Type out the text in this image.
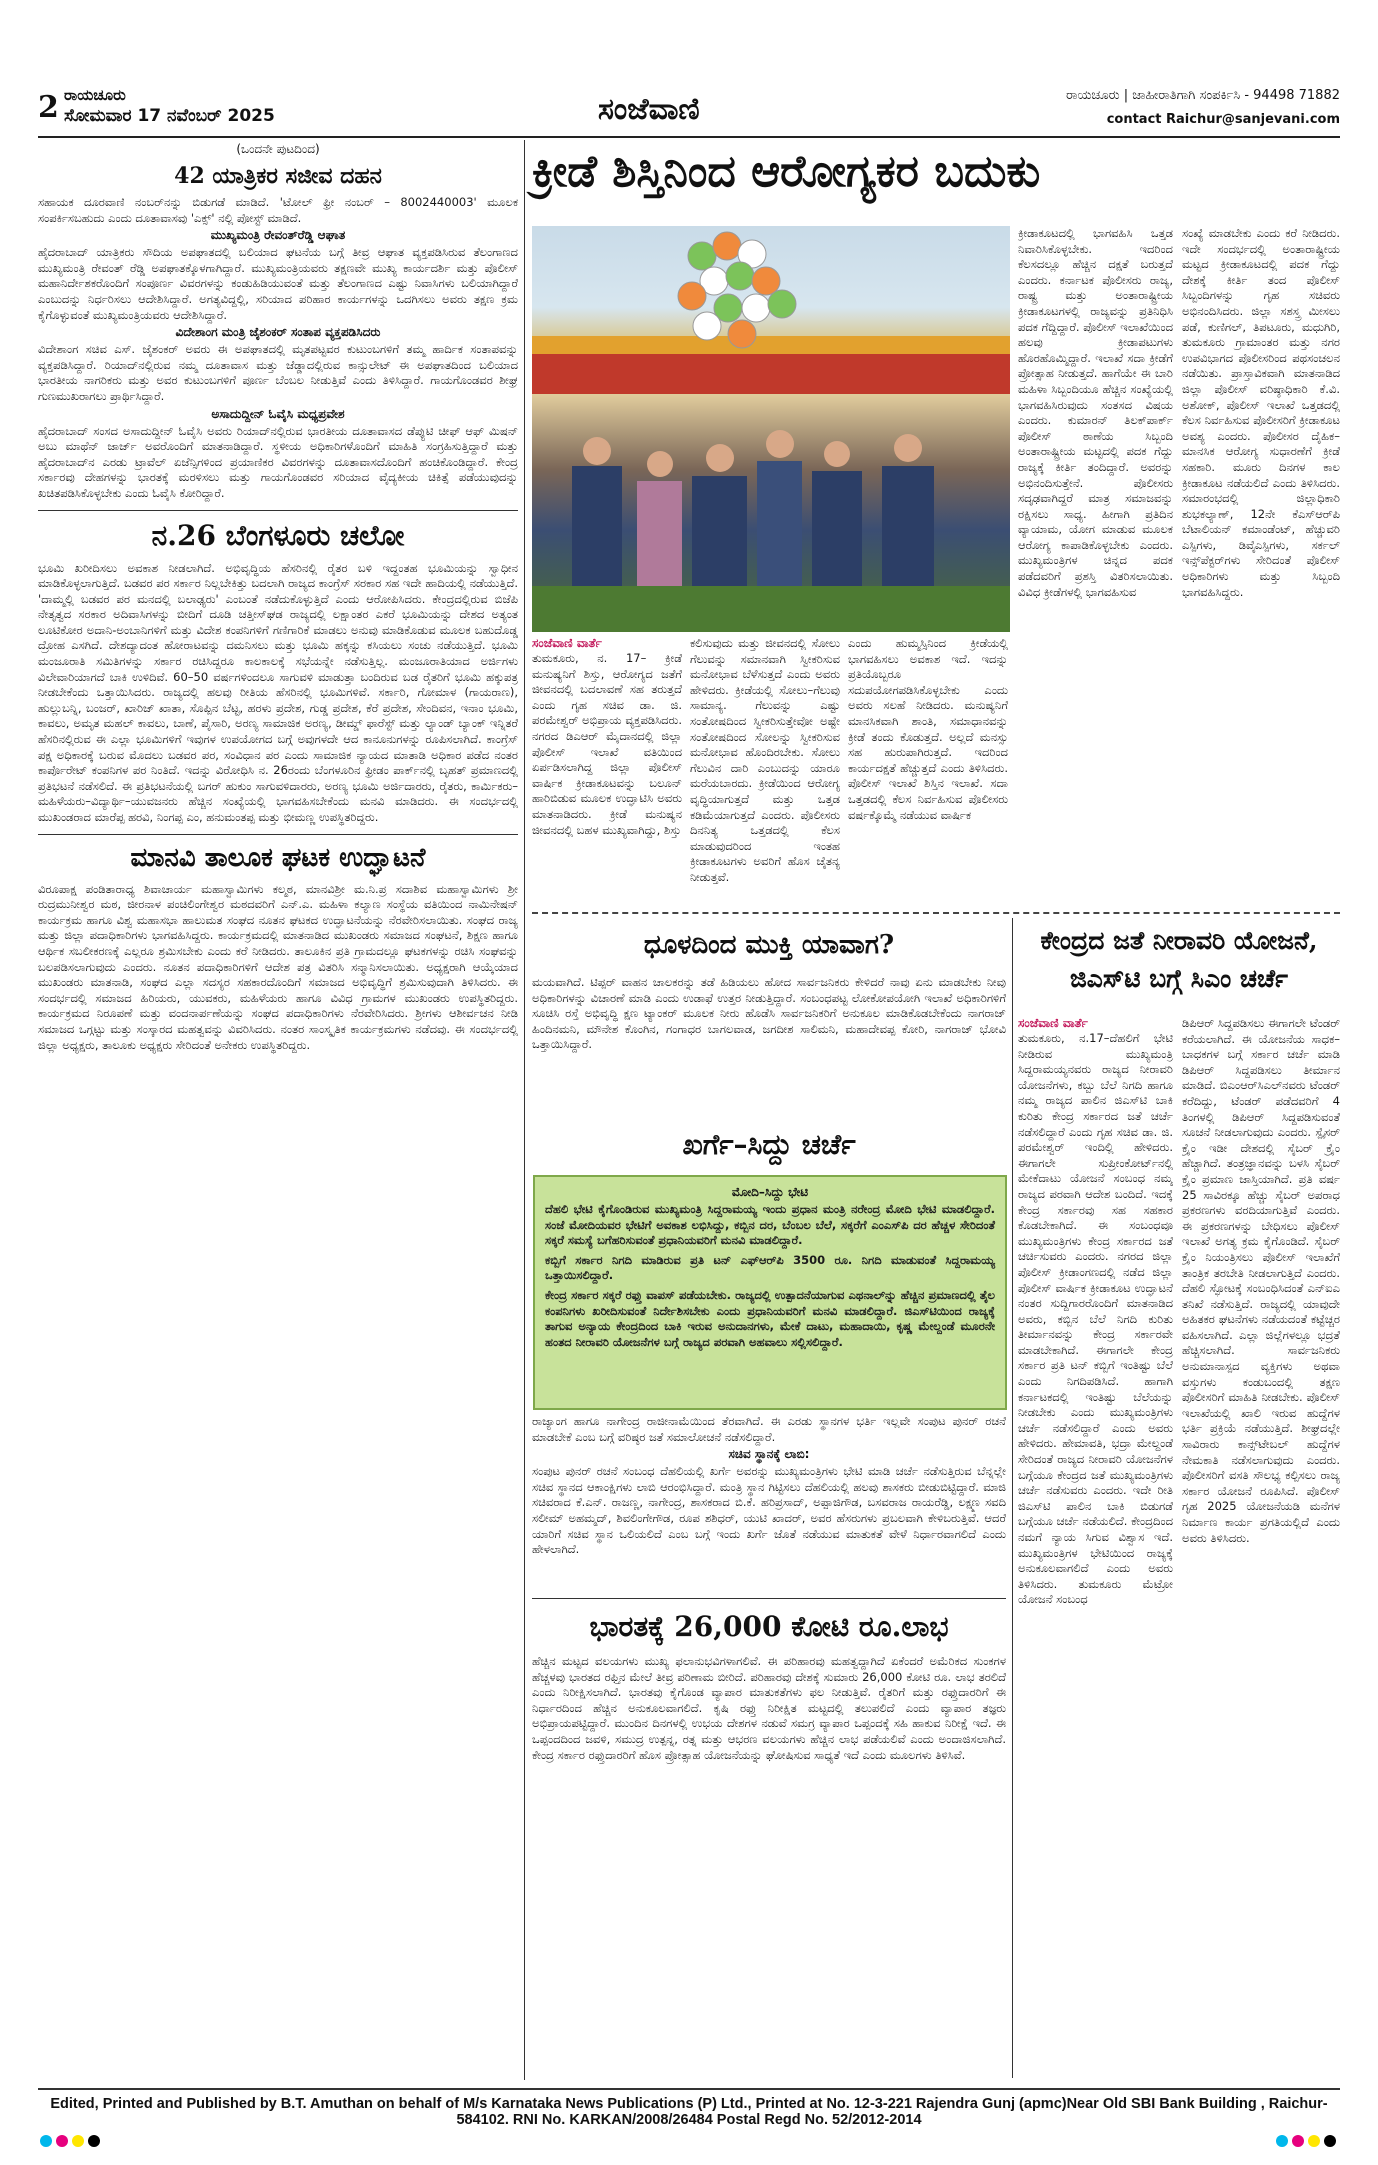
2 ರಾಯಚೂರು
ಸೋಮವಾರ 17 ನವೆಂಬರ್ 2025	ಸಂಜೆವಾಣಿ	ರಾಯಚೂರು | ಜಾಹೀರಾತಿಗಾಗಿ ಸಂಪರ್ಕಿಸಿ - 94498 71882
contact Raichur@sanjevani.com
(ಒಂದನೇ ಪುಟದಿಂದ)
42 ಯಾತ್ರಿಕರ ಸಜೀವ ದಹನ
ಸಹಾಯಕ ದೂರವಾಣಿ ನಂಬರ್‌ನನ್ನು ಬಿಡುಗಡೆ ಮಾಡಿದೆ. 'ಟೋಲ್ ಫ್ರೀ ನಂಬರ್ – 8002440003' ಮೂಲಕ ಸಂಪರ್ಕಿಸಬಹುದು ಎಂದು ದೂತಾವಾಸವು 'ಎಕ್ಸ್' ನಲ್ಲಿ ಪೋಸ್ಟ್ ಮಾಡಿದೆ.
ಮುಖ್ಯಮಂತ್ರಿ ರೇವಂತ್‌ರೆಡ್ಡಿ ಆಘಾತ
ಹೈದರಾಬಾದ್ ಯಾತ್ರಿಕರು ಸೌದಿಯ ಅಪಘಾತದಲ್ಲಿ ಬಲಿಯಾದ ಘಟನೆಯ ಬಗ್ಗೆ ತೀವ್ರ ಆಘಾತ ವ್ಯಕ್ತಪಡಿಸಿರುವ ತೆಲಂಗಾಣದ ಮುಖ್ಯಮಂತ್ರಿ ರೇವಂತ್ ರೆಡ್ಡಿ ಅಪಘಾತಕ್ಕೊಳಗಾಗಿದ್ದಾರೆ. ಮುಖ್ಯಮಂತ್ರಿಯವರು ತಕ್ಷಣವೇ ಮುಖ್ಯ ಕಾರ್ಯದರ್ಶಿ ಮತ್ತು ಪೊಲೀಸ್ ಮಹಾನಿರ್ದೇಶಕರೊಂದಿಗೆ ಸಂಪೂರ್ಣ ವಿವರಗಳನ್ನು ಕಂಡುಹಿಡಿಯುವಂತೆ ಮತ್ತು ತೆಲಂಗಾಣದ ಎಷ್ಟು ನಿವಾಸಿಗಳು ಬಲಿಯಾಗಿದ್ದಾರೆ ಎಂಬುದನ್ನು ನಿರ್ಧರಿಸಲು ಆದೇಶಿಸಿದ್ದಾರೆ. ಅಗತ್ಯವಿದ್ದಲ್ಲಿ, ಸರಿಯಾದ ಪರಿಹಾರ ಕಾರ್ಯಗಳನ್ನು ಒದಗಿಸಲು ಅವರು ತಕ್ಷಣ ಕ್ರಮ ಕೈಗೊಳ್ಳುವಂತೆ ಮುಖ್ಯಮಂತ್ರಿಯವರು ಆದೇಶಿಸಿದ್ದಾರೆ.
ವಿದೇಶಾಂಗ ಮಂತ್ರಿ ಜೈಶಂಕರ್ ಸಂತಾಪ ವ್ಯಕ್ತಪಡಿಸಿದರು
ವಿದೇಶಾಂಗ ಸಚಿವ ಎಸ್. ಜೈಶಂಕರ್ ಅವರು ಈ ಅಪಘಾತದಲ್ಲಿ ಮೃತಪಟ್ಟವರ ಕುಟುಂಬಗಳಿಗೆ ತಮ್ಮ ಹಾರ್ದಿಕ ಸಂತಾಪವನ್ನು ವ್ಯಕ್ತಪಡಿಸಿದ್ದಾರೆ. ರಿಯಾದ್‌ನಲ್ಲಿರುವ ನಮ್ಮ ದೂತಾವಾಸ ಮತ್ತು ಜೆಡ್ಡಾದಲ್ಲಿರುವ ಕಾನ್ಸುಲೇಟ್ ಈ ಅಪಘಾತದಿಂದ ಬಲಿಯಾದ ಭಾರತೀಯ ನಾಗರಿಕರು ಮತ್ತು ಅವರ ಕುಟುಂಬಗಳಿಗೆ ಪೂರ್ಣ ಬೆಂಬಲ ನೀಡುತ್ತಿವೆ ಎಂದು ತಿಳಿಸಿದ್ದಾರೆ. ಗಾಯಗೊಂಡವರ ಶೀಘ್ರ ಗುಣಮುಖರಾಗಲು ಪ್ರಾರ್ಥಿಸಿದ್ದಾರೆ.
ಅಸಾದುದ್ದೀನ್ ಓವೈಸಿ ಮಧ್ಯಪ್ರವೇಶ
ಹೈದರಾಬಾದ್ ಸಂಸದ ಅಸಾದುದ್ದೀನ್ ಓವೈಸಿ ಅವರು ರಿಯಾದ್‌ನಲ್ಲಿರುವ ಭಾರತೀಯ ದೂತಾವಾಸದ ಡೆಪ್ಯುಟಿ ಚೀಫ್ ಆಫ್ ಮಿಷನ್ ಅಬು ಮಾಥೆನ್ ಜಾರ್ಜ್ ಅವರೊಂದಿಗೆ ಮಾತನಾಡಿದ್ದಾರೆ. ಸ್ಥಳೀಯ ಅಧಿಕಾರಿಗಳೊಂದಿಗೆ ಮಾಹಿತಿ ಸಂಗ್ರಹಿಸುತ್ತಿದ್ದಾರೆ ಮತ್ತು ಹೈದರಾಬಾದ್‌ನ ಎರಡು ಟ್ರಾವೆಲ್ ಏಜೆನ್ಸಿಗಳಿಂದ ಪ್ರಯಾಣಿಕರ ವಿವರಗಳನ್ನು ದೂತಾವಾಸದೊಂದಿಗೆ ಹಂಚಿಕೊಂಡಿದ್ದಾರೆ. ಕೇಂದ್ರ ಸರ್ಕಾರವು ದೇಹಗಳನ್ನು ಭಾರತಕ್ಕೆ ಮರಳಿಸಲು ಮತ್ತು ಗಾಯಗೊಂಡವರ ಸರಿಯಾದ ವೈದ್ಯಕೀಯ ಚಿಕಿತ್ಸೆ ಪಡೆಯುವುದನ್ನು ಖಚಿತಪಡಿಸಿಕೊಳ್ಳಬೇಕು ಎಂದು ಓವೈಸಿ ಕೋರಿದ್ದಾರೆ.
ನ.26 ಬೆಂಗಳೂರು ಚಲೋ
ಭೂಮಿ ಖರೀದಿಸಲು ಅವಕಾಶ ನೀಡಲಾಗಿದೆ. ಅಭಿವೃದ್ಧಿಯ ಹೆಸರಿನಲ್ಲಿ ರೈತರ ಬಳಿ ಇದ್ದಂತಹ ಭೂಮಿಯನ್ನು ಸ್ವಾಧೀನ ಮಾಡಿಕೊಳ್ಳಲಾಗುತ್ತಿದೆ. ಬಡವರ ಪರ ಸರ್ಕಾರ ನಿಲ್ಲಬೇಕಿತ್ತು ಬದಲಾಗಿ ರಾಜ್ಯದ ಕಾಂಗ್ರೆಸ್ ಸರಕಾರ ಸಹ ಇದೇ ಹಾದಿಯಲ್ಲಿ ನಡೆಯುತ್ತಿದೆ. 'ದಾಮ್ಮಲ್ಲಿ ಬಡವರ ಪರ ಮನದಲ್ಲಿ ಬಲಾಢ್ಯರು' ಎಂಬಂತೆ ನಡೆದುಕೊಳ್ಳುತ್ತಿದೆ ಎಂದು ಆರೋಪಿಸಿದರು. ಕೇಂದ್ರದಲ್ಲಿರುವ ಬಿಜೆಪಿ ನೇತೃತ್ವದ ಸರಕಾರ ಅದಿವಾಸಿಗಳನ್ನು ಬೀದಿಗೆ ದೂಡಿ ಚತ್ತೀಸ್‌ಘಡ ರಾಜ್ಯದಲ್ಲಿ ಲಕ್ಷಾಂತರ ಎಕರೆ ಭೂಮಿಯನ್ನು ದೇಶದ ಅತ್ಯಂತ ಲೂಟಿಕೋರ ಅದಾನಿ-ಅಂಬಾನಿಗಳಿಗೆ ಮತ್ತು ವಿದೇಶ ಕಂಪನಿಗಳಿಗೆ ಗಣಿಗಾರಿಕೆ ಮಾಡಲು ಅನುವು ಮಾಡಿಕೊಡುವ ಮೂಲಕ ಬಹುದೊಡ್ಡ ದ್ರೋಹ ಎಸಗಿದೆ. ದೇಶದ್ಯಾದಂತ ಹೋರಾಟವನ್ನು ದಮನಿಸಲು ಮತ್ತು ಭೂಮಿ ಹಕ್ಕನ್ನು ಕಸಿಯಲು ಸಂಚು ನಡೆಯುತ್ತಿದೆ. ಭೂಮಿ ಮಂಜೂರಾತಿ ಸಮಿತಿಗಳನ್ನು ಸರ್ಕಾರ ರಚಿಸಿದ್ದರೂ ಕಾಲಕಾಲಕ್ಕೆ ಸಭೆಯನ್ನೇ ನಡೆಸುತ್ತಿಲ್ಲ. ಮಂಜೂರಾತಿಯಾದ ಅರ್ಜಿಗಳು ವಿಲೇವಾರಿಯಾಗದೆ ಬಾಕಿ ಉಳಿದಿವೆ. 60–50 ವರ್ಷಗಳಿಂದಲೂ ಸಾಗುವಳಿ ಮಾಡುತ್ತಾ ಬಂದಿರುವ ಬಡ ರೈತರಿಗೆ ಭೂಮಿ ಹಕ್ಕುಪತ್ರ ನೀಡಬೇಕೆಂದು ಒತ್ತಾಯಿಸಿದರು. ರಾಜ್ಯದಲ್ಲಿ ಹಲವು ರೀತಿಯ ಹೆಸರಿನಲ್ಲಿ ಭೂಮಿಗಳಿವೆ. ಸರ್ಕಾರಿ, ಗೋಮಾಳ (ಗಾಯರಾಣ), ಹುಲ್ಲುಬನ್ನಿ, ಬಂಜರ್, ಖಾರಿಜ್ ಖಾತಾ, ಸೊಪ್ಪಿನ ಬೆಟ್ಟ, ಹರಳು ಪ್ರದೇಶ, ಗುಡ್ಡ ಪ್ರದೇಶ, ಕೆರೆ ಪ್ರದೇಶ, ಸೇಂದಿವನ, ಇನಾಂ ಭೂಮಿ, ಕಾವಲು, ಅಮೃತ ಮಹಲ್ ಕಾವಲು, ಬಾಣೆ, ಪೈಸಾರಿ, ಅರಣ್ಯ ಸಾಮಾಜಿಕ ಅರಣ್ಯ, ಡೀಮ್ಡ್ ಫಾರೆಸ್ಟ್ ಮತ್ತು ಲ್ಯಾಂಡ್ ಬ್ಯಾಂಕ್ ಇನ್ನಿತರೆ ಹೆಸರಿನಲ್ಲಿರುವ ಈ ಎಲ್ಲಾ ಭೂಮಿಗಳಿಗೆ ಇವುಗಳ ಉಪಯೋಗದ ಬಗ್ಗೆ ಅವುಗಳದೇ ಆದ ಕಾನೂನುಗಳನ್ನು ರೂಪಿಸಲಾಗಿದೆ. ಕಾಂಗ್ರೆಸ್ ಪಕ್ಷ ಅಧಿಕಾರಕ್ಕೆ ಬರುವ ಮೊದಲು ಬಡವರ ಪರ, ಸಂವಿಧಾನ ಪರ ಎಂದು ಸಾಮಾಜಿಕ ನ್ಯಾಯದ ಮಾತಾಡಿ ಅಧಿಕಾರ ಪಡೆದ ನಂತರ ಕಾರ್ಪೊರೇಟ್ ಕಂಪನಿಗಳ ಪರ ನಿಂತಿದೆ. ಇದನ್ನು ವಿರೋಧಿಸಿ ನ. 26ರಂದು ಬೆಂಗಳೂರಿನ ಫ್ರೀಡಂ ಪಾರ್ಕ್‌ನಲ್ಲಿ ಬೃಹತ್ ಪ್ರಮಾಣದಲ್ಲಿ ಪ್ರತಿಭಟನೆ ನಡೆಸಲಿದೆ. ಈ ಪ್ರತಿಭಟನೆಯಲ್ಲಿ ಬಗರ್ ಹುಕುಂ ಸಾಗುವಳಿದಾರರು, ಅರಣ್ಯ ಭೂಮಿ ಅರ್ಜಿದಾರರು, ರೈತರು, ಕಾರ್ಮಿಕರು–ಮಹಿಳೆಯರು–ವಿದ್ಯಾರ್ಥಿ–ಯುವಜನರು ಹೆಚ್ಚಿನ ಸಂಖ್ಯೆಯಲ್ಲಿ ಭಾಗವಹಿಸಬೇಕೆಂದು ಮನವಿ ಮಾಡಿದರು. ಈ ಸಂದರ್ಭದಲ್ಲಿ ಮುಖಂಡರಾದ ಮಾರೆಪ್ಪ ಹರವಿ, ನಿಂಗಪ್ಪ ಎಂ, ಹನುಮಂತಪ್ಪ ಮತ್ತು ಭೀಮಣ್ಣ ಉಪಸ್ಥಿತರಿದ್ದರು.
ಮಾನವಿ ತಾಲೂಕ ಘಟಕ ಉದ್ಘಾಟನೆ
ವಿರೂಪಾಕ್ಷ ಪಂಡಿತಾರಾಧ್ಯ ಶಿವಾಚಾರ್ಯ ಮಹಾಸ್ವಾಮಿಗಳು ಕಲ್ಮಠ, ಮಾನವಿಶ್ರೀ ಮ.ನಿ.ಪ್ರ ಸದಾಶಿವ ಮಹಾಸ್ವಾಮಿಗಳು ಶ್ರೀ ರುದ್ರಮುನೀಶ್ವರ ಮಠ, ಜೀರನಾಳ ಪಂಚಿಲಿಂಗೇಶ್ವರ ಮಠದವರಿಗೆ ಎನ್.ಎ. ಮಹಿಳಾ ಕಲ್ಯಾಣ ಸಂಸ್ಥೆಯ ವತಿಯಿಂದ ನಾಮಿನೇಷನ್ ಕಾರ್ಯಕ್ರಮ ಹಾಗೂ ವಿಶ್ವ ಮಹಾಸಭಾ ಹಾಲುಮತ ಸಂಘದ ನೂತನ ಘಟಕದ ಉದ್ಘಾಟನೆಯನ್ನು ನೆರವೇರಿಸಲಾಯಿತು. ಸಂಘದ ರಾಜ್ಯ ಮತ್ತು ಜಿಲ್ಲಾ ಪದಾಧಿಕಾರಿಗಳು ಭಾಗವಹಿಸಿದ್ದರು. ಕಾರ್ಯಕ್ರಮದಲ್ಲಿ ಮಾತನಾಡಿದ ಮುಖಂಡರು ಸಮಾಜದ ಸಂಘಟನೆ, ಶಿಕ್ಷಣ ಹಾಗೂ ಆರ್ಥಿಕ ಸಬಲೀಕರಣಕ್ಕೆ ಎಲ್ಲರೂ ಶ್ರಮಿಸಬೇಕು ಎಂದು ಕರೆ ನೀಡಿದರು. ತಾಲೂಕಿನ ಪ್ರತಿ ಗ್ರಾಮದಲ್ಲೂ ಘಟಕಗಳನ್ನು ರಚಿಸಿ ಸಂಘವನ್ನು ಬಲಪಡಿಸಲಾಗುವುದು ಎಂದರು. ನೂತನ ಪದಾಧಿಕಾರಿಗಳಿಗೆ ಆದೇಶ ಪತ್ರ ವಿತರಿಸಿ ಸನ್ಮಾನಿಸಲಾಯಿತು. ಅಧ್ಯಕ್ಷರಾಗಿ ಆಯ್ಕೆಯಾದ ಮುಖಂಡರು ಮಾತನಾಡಿ, ಸಂಘದ ಎಲ್ಲಾ ಸದಸ್ಯರ ಸಹಕಾರದೊಂದಿಗೆ ಸಮಾಜದ ಅಭಿವೃದ್ಧಿಗೆ ಶ್ರಮಿಸುವುದಾಗಿ ತಿಳಿಸಿದರು. ಈ ಸಂದರ್ಭದಲ್ಲಿ ಸಮಾಜದ ಹಿರಿಯರು, ಯುವಕರು, ಮಹಿಳೆಯರು ಹಾಗೂ ವಿವಿಧ ಗ್ರಾಮಗಳ ಮುಖಂಡರು ಉಪಸ್ಥಿತರಿದ್ದರು. ಕಾರ್ಯಕ್ರಮದ ನಿರೂಪಣೆ ಮತ್ತು ವಂದನಾರ್ಪಣೆಯನ್ನು ಸಂಘದ ಪದಾಧಿಕಾರಿಗಳು ನೆರವೇರಿಸಿದರು. ಶ್ರೀಗಳು ಆಶೀರ್ವಚನ ನೀಡಿ ಸಮಾಜದ ಒಗ್ಗಟ್ಟು ಮತ್ತು ಸಂಸ್ಕಾರದ ಮಹತ್ವವನ್ನು ವಿವರಿಸಿದರು. ನಂತರ ಸಾಂಸ್ಕೃತಿಕ ಕಾರ್ಯಕ್ರಮಗಳು ನಡೆದವು. ಈ ಸಂದರ್ಭದಲ್ಲಿ ಜಿಲ್ಲಾ ಅಧ್ಯಕ್ಷರು, ತಾಲೂಕು ಅಧ್ಯಕ್ಷರು ಸೇರಿದಂತೆ ಅನೇಕರು ಉಪಸ್ಥಿತರಿದ್ದರು.
ಕ್ರೀಡೆ ಶಿಸ್ತಿನಿಂದ ಆರೋಗ್ಯಕರ ಬದುಕು
ಸಂಜೆವಾಣಿ ವಾರ್ತೆ
ತುಮಕೂರು, ನ. 17– ಕ್ರೀಡೆ ಮನುಷ್ಯನಿಗೆ ಶಿಸ್ತು, ಆರೋಗ್ಯದ ಜತೆಗೆ ಜೀವನದಲ್ಲಿ ಬದಲಾವಣೆ ಸಹ ತರುತ್ತದೆ ಎಂದು ಗೃಹ ಸಚಿವ ಡಾ. ಜಿ. ಪರಮೇಶ್ವರ್ ಅಭಿಪ್ರಾಯ ವ್ಯಕ್ತಪಡಿಸಿದರು. ನಗರದ ಡಿಎಆರ್ ಮೈದಾನದಲ್ಲಿ ಜಿಲ್ಲಾ ಪೊಲೀಸ್ ಇಲಾಖೆ ವತಿಯಿಂದ ಏರ್ಪಡಿಸಲಾಗಿದ್ದ ಜಿಲ್ಲಾ ಪೊಲೀಸ್ ವಾರ್ಷಿಕ ಕ್ರೀಡಾಕೂಟವನ್ನು ಬಲೂನ್ ಹಾರಿಬಿಡುವ ಮೂಲಕ ಉದ್ಘಾಟಿಸಿ ಅವರು ಮಾತನಾಡಿದರು. ಕ್ರೀಡೆ ಮನುಷ್ಯನ ಜೀವನದಲ್ಲಿ ಬಹಳ ಮುಖ್ಯವಾಗಿದ್ದು, ಶಿಸ್ತು
ಕಲಿಸುವುದು ಮತ್ತು ಜೀವನದಲ್ಲಿ ಸೋಲು ಗೆಲುವನ್ನು ಸಮಾನವಾಗಿ ಸ್ವೀಕರಿಸುವ ಮನೋಭಾವ ಬೆಳೆಸುತ್ತದೆ ಎಂದು ಅವರು ಹೇಳಿದರು. ಕ್ರೀಡೆಯಲ್ಲಿ ಸೋಲು–ಗೆಲುವು ಸಾಮಾನ್ಯ. ಗೆಲುವನ್ನು ಎಷ್ಟು ಸಂತೋಷದಿಂದ ಸ್ವೀಕರಿಸುತ್ತೇವೋ ಅಷ್ಟೇ ಸಂತೋಷದಿಂದ ಸೋಲನ್ನು ಸ್ವೀಕರಿಸುವ ಮನೋಭಾವ ಹೊಂದಿರಬೇಕು. ಸೋಲು ಗೆಲುವಿನ ದಾರಿ ಎಂಬುದನ್ನು ಯಾರೂ ಮರೆಯಬಾರದು. ಕ್ರೀಡೆಯಿಂದ ಆರೋಗ್ಯ ವೃದ್ಧಿಯಾಗುತ್ತದೆ ಮತ್ತು ಒತ್ತಡ ಕಡಿಮೆಯಾಗುತ್ತದೆ ಎಂದರು. ಪೊಲೀಸರು ದಿನನಿತ್ಯ ಒತ್ತಡದಲ್ಲಿ ಕೆಲಸ ಮಾಡುವುದರಿಂದ ಇಂತಹ ಕ್ರೀಡಾಕೂಟಗಳು ಅವರಿಗೆ ಹೊಸ ಚೈತನ್ಯ ನೀಡುತ್ತವೆ.
ಎಂದು ಹುಮ್ಮಸ್ಸಿನಿಂದ ಕ್ರೀಡೆಯಲ್ಲಿ ಭಾಗವಹಿಸಲು ಅವಕಾಶ ಇದೆ. ಇದನ್ನು ಪ್ರತಿಯೊಬ್ಬರೂ ಸದುಪಯೋಗಪಡಿಸಿಕೊಳ್ಳಬೇಕು ಎಂದು ಅವರು ಸಲಹೆ ನೀಡಿದರು. ಮನುಷ್ಯನಿಗೆ ಮಾನಸಿಕವಾಗಿ ಶಾಂತಿ, ಸಮಾಧಾನವನ್ನು ಕ್ರೀಡೆ ತಂದು ಕೊಡುತ್ತದೆ. ಅಲ್ಲದೆ ಮನಸ್ಸು ಸಹ ಹುರುಪಾಗಿರುತ್ತದೆ. ಇದರಿಂದ ಕಾರ್ಯದಕ್ಷತೆ ಹೆಚ್ಚುತ್ತದೆ ಎಂದು ತಿಳಿಸಿದರು. ಪೊಲೀಸ್ ಇಲಾಖೆ ಶಿಸ್ತಿನ ಇಲಾಖೆ. ಸದಾ ಒತ್ತಡದಲ್ಲಿ ಕೆಲಸ ನಿರ್ವಹಿಸುವ ಪೊಲೀಸರು ವರ್ಷಕ್ಕೊಮ್ಮೆ ನಡೆಯುವ ವಾರ್ಷಿಕ
ಕ್ರೀಡಾಕೂಟದಲ್ಲಿ ಭಾಗವಹಿಸಿ ಒತ್ತಡ ನಿವಾರಿಸಿಕೊಳ್ಳಬೇಕು. ಇದರಿಂದ ಕೆಲಸದಲ್ಲೂ ಹೆಚ್ಚಿನ ದಕ್ಷತೆ ಬರುತ್ತದೆ ಎಂದರು. ಕರ್ನಾಟಕ ಪೊಲೀಸರು ರಾಜ್ಯ, ರಾಷ್ಟ್ರ ಮತ್ತು ಅಂತಾರಾಷ್ಟ್ರೀಯ ಕ್ರೀಡಾಕೂಟಗಳಲ್ಲಿ ರಾಜ್ಯವನ್ನು ಪ್ರತಿನಿಧಿಸಿ ಪದಕ ಗೆದ್ದಿದ್ದಾರೆ. ಪೊಲೀಸ್ ಇಲಾಖೆಯಿಂದ ಹಲವು ಕ್ರೀಡಾಪಟುಗಳು ಹೊರಹೊಮ್ಮಿದ್ದಾರೆ. ಇಲಾಖೆ ಸದಾ ಕ್ರೀಡೆಗೆ ಪ್ರೋತ್ಸಾಹ ನೀಡುತ್ತದೆ. ಹಾಗೆಯೇ ಈ ಬಾರಿ ಮಹಿಳಾ ಸಿಬ್ಬಂದಿಯೂ ಹೆಚ್ಚಿನ ಸಂಖ್ಯೆಯಲ್ಲಿ ಭಾಗವಹಿಸಿರುವುದು ಸಂತಸದ ವಿಷಯ ಎಂದರು. ಕುಮಾರನ್ ತಿಲಕ್‌ಪಾರ್ಕ್ ಪೊಲೀಸ್ ಠಾಣೆಯ ಸಿಬ್ಬಂದಿ ಅಂತಾರಾಷ್ಟ್ರೀಯ ಮಟ್ಟದಲ್ಲಿ ಪದಕ ಗೆದ್ದು ರಾಜ್ಯಕ್ಕೆ ಕೀರ್ತಿ ತಂದಿದ್ದಾರೆ. ಅವರನ್ನು ಅಭಿನಂದಿಸುತ್ತೇನೆ. ಪೊಲೀಸರು ಸದೃಢವಾಗಿದ್ದರೆ ಮಾತ್ರ ಸಮಾಜವನ್ನು ರಕ್ಷಿಸಲು ಸಾಧ್ಯ. ಹೀಗಾಗಿ ಪ್ರತಿದಿನ ವ್ಯಾಯಾಮ, ಯೋಗ ಮಾಡುವ ಮೂಲಕ ಆರೋಗ್ಯ ಕಾಪಾಡಿಕೊಳ್ಳಬೇಕು ಎಂದರು. ಮುಖ್ಯಮಂತ್ರಿಗಳ ಚಿನ್ನದ ಪದಕ ಪಡೆದವರಿಗೆ ಪ್ರಶಸ್ತಿ ವಿತರಿಸಲಾಯಿತು. ವಿವಿಧ ಕ್ರೀಡೆಗಳಲ್ಲಿ ಭಾಗವಹಿಸುವ
ಸಂಖ್ಯೆ ಮಾಡಬೇಕು ಎಂದು ಕರೆ ನೀಡಿದರು. ಇದೇ ಸಂದರ್ಭದಲ್ಲಿ ಅಂತಾರಾಷ್ಟ್ರೀಯ ಮಟ್ಟದ ಕ್ರೀಡಾಕೂಟದಲ್ಲಿ ಪದಕ ಗೆದ್ದು ದೇಶಕ್ಕೆ ಕೀರ್ತಿ ತಂದ ಪೊಲೀಸ್ ಸಿಬ್ಬಂದಿಗಳನ್ನು ಗೃಹ ಸಚಿವರು ಅಭಿನಂದಿಸಿದರು. ಜಿಲ್ಲಾ ಸಶಸ್ತ್ರ ಮೀಸಲು ಪಡೆ, ಕುಣಿಗಲ್, ತಿಪಟೂರು, ಮಧುಗಿರಿ, ತುಮಕೂರು ಗ್ರಾಮಾಂತರ ಮತ್ತು ನಗರ ಉಪವಿಭಾಗದ ಪೊಲೀಸರಿಂದ ಪಥಸಂಚಲನ ನಡೆಯಿತು. ಪ್ರಾಸ್ತಾವಿಕವಾಗಿ ಮಾತನಾಡಿದ ಜಿಲ್ಲಾ ಪೊಲೀಸ್ ವರಿಷ್ಠಾಧಿಕಾರಿ ಕೆ.ವಿ. ಅಶೋಕ್, ಪೊಲೀಸ್ ಇಲಾಖೆ ಒತ್ತಡದಲ್ಲಿ ಕೆಲಸ ನಿರ್ವಹಿಸುವ ಪೊಲೀಸರಿಗೆ ಕ್ರೀಡಾಕೂಟ ಅವಶ್ಯ ಎಂದರು. ಪೊಲೀಸರ ದೈಹಿಕ–ಮಾನಸಿಕ ಆರೋಗ್ಯ ಸುಧಾರಣೆಗೆ ಕ್ರೀಡೆ ಸಹಕಾರಿ. ಮೂರು ದಿನಗಳ ಕಾಲ ಕ್ರೀಡಾಕೂಟ ನಡೆಯಲಿದೆ ಎಂದು ತಿಳಿಸಿದರು. ಸಮಾರಂಭದಲ್ಲಿ ಜಿಲ್ಲಾಧಿಕಾರಿ ಶುಭಕಲ್ಯಾಣ್, 12ನೇ ಕೆಎಸ್‌ಆರ್‌ಪಿ ಬೆಟಾಲಿಯನ್ ಕಮಾಂಡೆಂಟ್, ಹೆಚ್ಚುವರಿ ಎಸ್ಪಿಗಳು, ಡಿವೈಎಸ್ಪಿಗಳು, ಸರ್ಕಲ್ ಇನ್ಸ್‌ಪೆಕ್ಟರ್‌ಗಳು ಸೇರಿದಂತೆ ಪೊಲೀಸ್ ಅಧಿಕಾರಿಗಳು ಮತ್ತು ಸಿಬ್ಬಂದಿ ಭಾಗವಹಿಸಿದ್ದರು.
ಧೂಳದಿಂದ ಮುಕ್ತಿ ಯಾವಾಗ?
ಮಯವಾಗಿದೆ. ಟಿಪ್ಪರ್ ವಾಹನ ಚಾಲಕರನ್ನು ತಡೆ ಹಿಡಿಯಲು ಹೋದ ಸಾರ್ವಜನಿಕರು ಕೇಳಿದರೆ ನಾವು ಏನು ಮಾಡಬೇಕು ನೀವು ಅಧಿಕಾರಿಗಳನ್ನು ವಿಚಾರಣೆ ಮಾಡಿ ಎಂದು ಉಡಾಫೆ ಉತ್ತರ ನೀಡುತ್ತಿದ್ದಾರೆ. ಸಂಬಂಧಪಟ್ಟ ಲೋಕೋಪಯೋಗಿ ಇಲಾಖೆ ಅಧಿಕಾರಿಗಳಿಗೆ ಸೂಚಿಸಿ ರಸ್ತೆ ಅಭಿವೃದ್ಧಿ ಕ್ಷಣ ಟ್ಯಾಂಕರ್ ಮೂಲಕ ನೀರು ಹೊಡೆಸಿ ಸಾರ್ವಜನಿಕರಿಗೆ ಅನುಕೂಲ ಮಾಡಿಕೊಡಬೇಕೆಂದು ನಾಗರಾಜ್ ಹಿಂದಿನಮನಿ, ಮೌನೇಶ ಕೊಂಗಿನ, ಗಂಗಾಧರ ಬಾಗಲವಾಡ, ಜಗದೀಶ ಸಾಲಿಮನಿ, ಮಹಾದೇವಪ್ಪ ಕೋರಿ, ನಾಗರಾಜ್ ಭೋವಿ ಒತ್ತಾಯಿಸಿದ್ದಾರೆ.
ಖರ್ಗೆ–ಸಿದ್ದು ಚರ್ಚೆ
ಮೋದಿ–ಸಿದ್ದು ಭೇಟಿ
ದೆಹಲಿ ಭೇಟಿ ಕೈಗೊಂಡಿರುವ ಮುಖ್ಯಮಂತ್ರಿ ಸಿದ್ದರಾಮಯ್ಯ ಇಂದು ಪ್ರಧಾನ ಮಂತ್ರಿ ನರೇಂದ್ರ ಮೋದಿ ಭೇಟಿ ಮಾಡಲಿದ್ದಾರೆ. ಸಂಜೆ ಮೋದಿಯವರ ಭೇಟಿಗೆ ಅವಕಾಶ ಲಭಿಸಿದ್ದು, ಕಬ್ಬಿನ ದರ, ಬೆಂಬಲ ಬೆಲೆ, ಸಕ್ಕರೆಗೆ ಎಂಎಸ್‌ಪಿ ದರ ಹೆಚ್ಚಳ ಸೇರಿದಂತೆ ಸಕ್ಕರೆ ಸಮಸ್ಯೆ ಬಗೆಹರಿಸುವಂತೆ ಪ್ರಧಾನಿಯವರಿಗೆ ಮನವಿ ಮಾಡಲಿದ್ದಾರೆ.
ಕಬ್ಬಿಗೆ ಸರ್ಕಾರ ನಿಗದಿ ಮಾಡಿರುವ ಪ್ರತಿ ಟನ್ ಎಫ್‌ಆರ್‌ಪಿ 3500 ರೂ. ನಿಗದಿ ಮಾಡುವಂತೆ ಸಿದ್ದರಾಮಯ್ಯ ಒತ್ತಾಯಿಸಲಿದ್ದಾರೆ.
ಕೇಂದ್ರ ಸರ್ಕಾರ ಸಕ್ಕರೆ ರಫ್ತು ವಾಪಸ್ ಪಡೆಯಬೇಕು. ರಾಜ್ಯದಲ್ಲಿ ಉತ್ಪಾದನೆಯಾಗುವ ಎಥನಾಲ್‌ನ್ನು ಹೆಚ್ಚಿನ ಪ್ರಮಾಣದಲ್ಲಿ ತೈಲ ಕಂಪನಿಗಳು ಖರೀದಿಸುವಂತೆ ನಿರ್ದೇಶಿಸಬೇಕು ಎಂದು ಪ್ರಧಾನಿಯವರಿಗೆ ಮನವಿ ಮಾಡಲಿದ್ದಾರೆ. ಜಿಎಸ್‌ಟಿಯಿಂದ ರಾಜ್ಯಕ್ಕೆ ತಾಗುವ ಅನ್ಯಾಯ ಕೇಂದ್ರದಿಂದ ಬಾಕಿ ಇರುವ ಅನುದಾನಗಳು, ಮೇಕೆ ದಾಟು, ಮಹಾದಾಯಿ, ಕೃಷ್ಣ ಮೇಲ್ದಂಡೆ ಮೂರನೇ ಹಂತದ ನೀರಾವರಿ ಯೋಜನೆಗಳ ಬಗ್ಗೆ ರಾಜ್ಯದ ಪರವಾಗಿ ಅಹವಾಲು ಸಲ್ಲಿಸಲಿದ್ದಾರೆ.
ರಾಜ್ಯಾಂಗ ಹಾಗೂ ನಾಗೇಂದ್ರ ರಾಜೀನಾಮೆಯಿಂದ ತೆರವಾಗಿದೆ. ಈ ಎರಡು ಸ್ಥಾನಗಳ ಭರ್ತಿ ಇಲ್ಲವೇ ಸಂಪುಟ ಪುನರ್ ರಚನೆ ಮಾಡಬೇಕೆ ಎಂಬ ಬಗ್ಗೆ ವರಿಷ್ಠರ ಜತೆ ಸಮಾಲೋಚನೆ ನಡೆಸಲಿದ್ದಾರೆ.
ಸಚಿವ ಸ್ಥಾನಕ್ಕೆ ಲಾಬಿ:
ಸಂಪುಟ ಪುನರ್ ರಚನೆ ಸಂಬಂಧ ದೆಹಲಿಯಲ್ಲಿ ಖರ್ಗೆ ಅವರನ್ನು ಮುಖ್ಯಮಂತ್ರಿಗಳು ಭೇಟಿ ಮಾಡಿ ಚರ್ಚೆ ನಡೆಸುತ್ತಿರುವ ಬೆನ್ನಲ್ಲೇ ಸಚಿವ ಸ್ಥಾನದ ಆಕಾಂಕ್ಷಿಗಳು ಲಾಬಿ ಆರಂಭಿಸಿದ್ದಾರೆ. ಮಂತ್ರಿ ಸ್ಥಾನ ಗಿಟ್ಟಿಸಲು ದೆಹಲಿಯಲ್ಲಿ ಹಲವು ಶಾಸಕರು ಬೀಡುಬಿಟ್ಟಿದ್ದಾರೆ. ಮಾಜಿ ಸಚಿವರಾದ ಕೆ.ಎನ್. ರಾಜಣ್ಣ, ನಾಗೇಂದ್ರ, ಶಾಸಕರಾದ ಬಿ.ಕೆ. ಹರಿಪ್ರಸಾದ್, ಅಪ್ಪಾಜಿಗೌಡ, ಬಸವರಾಜ ರಾಯರೆಡ್ಡಿ, ಲಕ್ಷ್ಮಣ ಸವದಿ ಸಲೀಮ್ ಅಹಮ್ಮದ್, ಶಿವಲಿಂಗೇಗೌಡ, ರೂಪ ಶಶಿಧರ್, ಯುಟಿ ಖಾದರ್, ಅವರ ಹೆಸರುಗಳು ಪ್ರಬಲವಾಗಿ ಕೇಳಿಬರುತ್ತಿವೆ. ಆದರೆ ಯಾರಿಗೆ ಸಚಿವ ಸ್ಥಾನ ಒಲಿಯಲಿದೆ ಎಂಬ ಬಗ್ಗೆ ಇಂದು ಖರ್ಗೆ ಜೊತೆ ನಡೆಯುವ ಮಾತುಕತೆ ವೇಳೆ ನಿರ್ಧಾರವಾಗಲಿದೆ ಎಂದು ಹೇಳಲಾಗಿದೆ.
ಭಾರತಕ್ಕೆ 26,000 ಕೋಟಿ ರೂ.ಲಾಭ
ಹೆಚ್ಚಿನ ಮಟ್ಟದ ವಲಯಗಳು ಮುಖ್ಯ ಫಲಾನುಭವಿಗಳಾಗಲಿವೆ. ಈ ಪರಿಹಾರವು ಮಹತ್ವದ್ದಾಗಿದೆ ಏಕೆಂದರೆ ಅಮೆರಿಕದ ಸುಂಕಗಳ ಹೆಚ್ಚಳವು ಭಾರತದ ರಫ್ತಿನ ಮೇಲೆ ತೀವ್ರ ಪರಿಣಾಮ ಬೀರಿದೆ. ಪರಿಹಾರವು ದೇಶಕ್ಕೆ ಸುಮಾರು 26,000 ಕೋಟಿ ರೂ. ಲಾಭ ತರಲಿದೆ ಎಂದು ನಿರೀಕ್ಷಿಸಲಾಗಿದೆ. ಭಾರತವು ಕೈಗೊಂಡ ವ್ಯಾಪಾರ ಮಾತುಕತೆಗಳು ಫಲ ನೀಡುತ್ತಿವೆ. ರೈತರಿಗೆ ಮತ್ತು ರಫ್ತುದಾರರಿಗೆ ಈ ನಿರ್ಧಾರದಿಂದ ಹೆಚ್ಚಿನ ಅನುಕೂಲವಾಗಲಿದೆ. ಕೃಷಿ ರಫ್ತು ನಿರೀಕ್ಷಿತ ಮಟ್ಟದಲ್ಲಿ ತಲುಪಲಿದೆ ಎಂದು ವ್ಯಾಪಾರ ತಜ್ಞರು ಅಭಿಪ್ರಾಯಪಟ್ಟಿದ್ದಾರೆ. ಮುಂದಿನ ದಿನಗಳಲ್ಲಿ ಉಭಯ ದೇಶಗಳ ನಡುವೆ ಸಮಗ್ರ ವ್ಯಾಪಾರ ಒಪ್ಪಂದಕ್ಕೆ ಸಹಿ ಹಾಕುವ ನಿರೀಕ್ಷೆ ಇದೆ. ಈ ಒಪ್ಪಂದದಿಂದ ಜವಳಿ, ಸಮುದ್ರ ಉತ್ಪನ್ನ, ರತ್ನ ಮತ್ತು ಆಭರಣ ವಲಯಗಳು ಹೆಚ್ಚಿನ ಲಾಭ ಪಡೆಯಲಿವೆ ಎಂದು ಅಂದಾಜಿಸಲಾಗಿದೆ. ಕೇಂದ್ರ ಸರ್ಕಾರ ರಫ್ತುದಾರರಿಗೆ ಹೊಸ ಪ್ರೋತ್ಸಾಹ ಯೋಜನೆಯನ್ನು ಘೋಷಿಸುವ ಸಾಧ್ಯತೆ ಇದೆ ಎಂದು ಮೂಲಗಳು ತಿಳಿಸಿವೆ.
ಕೇಂದ್ರದ ಜತೆ ನೀರಾವರಿ ಯೋಜನೆ,
ಜಿಎಸ್‌ಟಿ ಬಗ್ಗೆ ಸಿಎಂ ಚರ್ಚೆ
ಸಂಜೆವಾಣಿ ವಾರ್ತೆ
ತುಮಕೂರು, ನ.17–ದೆಹಲಿಗೆ ಭೇಟಿ ನೀಡಿರುವ ಮುಖ್ಯಮಂತ್ರಿ ಸಿದ್ದರಾಮಯ್ಯನವರು ರಾಜ್ಯದ ನೀರಾವರಿ ಯೋಜನೆಗಳು, ಕಬ್ಬು ಬೆಲೆ ನಿಗದಿ ಹಾಗೂ ನಮ್ಮ ರಾಜ್ಯದ ಪಾಲಿನ ಜಿಎಸ್‌ಟಿ ಬಾಕಿ ಕುರಿತು ಕೇಂದ್ರ ಸರ್ಕಾರದ ಜತೆ ಚರ್ಚೆ ನಡೆಸಲಿದ್ದಾರೆ ಎಂದು ಗೃಹ ಸಚಿವ ಡಾ. ಜಿ. ಪರಮೇಶ್ವರ್ ಇಂದಿಲ್ಲಿ ಹೇಳಿದರು. ಈಗಾಗಲೇ ಸುಪ್ರೀಂಕೋರ್ಟ್‌ನಲ್ಲಿ ಮೇಕೆದಾಟು ಯೋಜನೆ ಸಂಬಂಧ ನಮ್ಮ ರಾಜ್ಯದ ಪರವಾಗಿ ಆದೇಶ ಬಂದಿದೆ. ಇದಕ್ಕೆ ಕೇಂದ್ರ ಸರ್ಕಾರವು ಸಹ ಸಹಕಾರ ಕೊಡಬೇಕಾಗಿದೆ. ಈ ಸಂಬಂಧವೂ ಮುಖ್ಯಮಂತ್ರಿಗಳು ಕೇಂದ್ರ ಸರ್ಕಾರದ ಜತೆ ಚರ್ಚಿಸುವರು ಎಂದರು. ನಗರದ ಜಿಲ್ಲಾ ಪೊಲೀಸ್ ಕ್ರೀಡಾಂಗಣದಲ್ಲಿ ನಡೆದ ಜಿಲ್ಲಾ ಪೊಲೀಸ್ ವಾರ್ಷಿಕ ಕ್ರೀಡಾಕೂಟ ಉದ್ಘಾಟನೆ ನಂತರ ಸುದ್ದಿಗಾರರೊಂದಿಗೆ ಮಾತನಾಡಿದ ಅವರು, ಕಬ್ಬಿನ ಬೆಲೆ ನಿಗದಿ ಕುರಿತು ತೀರ್ಮಾನವನ್ನು ಕೇಂದ್ರ ಸರ್ಕಾರವೇ ಮಾಡಬೇಕಾಗಿದೆ. ಈಗಾಗಲೇ ಕೇಂದ್ರ ಸರ್ಕಾರ ಪ್ರತಿ ಟನ್ ಕಬ್ಬಿಗೆ ಇಂತಿಷ್ಟು ಬೆಲೆ ಎಂದು ನಿಗದಿಪಡಿಸಿದೆ. ಹಾಗಾಗಿ ಕರ್ನಾಟಕದಲ್ಲಿ ಇಂತಿಷ್ಟು ಬೆಲೆಯನ್ನು ನೀಡಬೇಕು ಎಂದು ಮುಖ್ಯಮಂತ್ರಿಗಳು ಚರ್ಚೆ ನಡೆಸಲಿದ್ದಾರೆ ಎಂದು ಅವರು ಹೇಳಿದರು. ಹೇಮಾವತಿ, ಭದ್ರಾ ಮೇಲ್ದಂಡೆ ಸೇರಿದಂತೆ ರಾಜ್ಯದ ನೀರಾವರಿ ಯೋಜನೆಗಳ ಬಗ್ಗೆಯೂ ಕೇಂದ್ರದ ಜತೆ ಮುಖ್ಯಮಂತ್ರಿಗಳು ಚರ್ಚೆ ನಡೆಸುವರು ಎಂದರು. ಇದೇ ರೀತಿ ಜಿಎಸ್‌ಟಿ ಪಾಲಿನ ಬಾಕಿ ಬಿಡುಗಡೆ ಬಗ್ಗೆಯೂ ಚರ್ಚೆ ನಡೆಯಲಿದೆ. ಕೇಂದ್ರದಿಂದ ನಮಗೆ ನ್ಯಾಯ ಸಿಗುವ ವಿಶ್ವಾಸ ಇದೆ. ಮುಖ್ಯಮಂತ್ರಿಗಳ ಭೇಟಿಯಿಂದ ರಾಜ್ಯಕ್ಕೆ ಅನುಕೂಲವಾಗಲಿದೆ ಎಂದು ಅವರು ತಿಳಿಸಿದರು. ತುಮಕೂರು ಮೆಟ್ರೋ ಯೋಜನೆ ಸಂಬಂಧ
ಡಿಪಿಆರ್ ಸಿದ್ದಪಡಿಸಲು ಈಗಾಗಲೇ ಟೆಂಡರ್ ಕರೆಯಲಾಗಿದೆ. ಈ ಯೋಜನೆಯ ಸಾಧಕ–ಬಾಧಕಗಳ ಬಗ್ಗೆ ಸರ್ಕಾರ ಚರ್ಚೆ ಮಾಡಿ ಡಿಪಿಆರ್ ಸಿದ್ದಪಡಿಸಲು ತೀರ್ಮಾನ ಮಾಡಿದೆ. ಬಿಎಂಆರ್‌ಸಿಎಲ್‌ನವರು ಟೆಂಡರ್ ಕರೆದಿದ್ದು, ಟೆಂಡರ್ ಪಡೆದವರಿಗೆ 4 ತಿಂಗಳಲ್ಲಿ ಡಿಪಿಆರ್ ಸಿದ್ದಪಡಿಸುವಂತೆ ಸೂಚನೆ ನೀಡಲಾಗುವುದು ಎಂದರು. ಸ್ಪೈಸರ್ ಕ್ರೈಂ ಇಡೀ ದೇಶದಲ್ಲಿ ಸೈಬರ್ ಕ್ರೈಂ ಹೆಚ್ಚಾಗಿದೆ. ತಂತ್ರಜ್ಞಾನವನ್ನು ಬಳಸಿ ಸೈಬರ್ ಕ್ರೈಂ ಪ್ರಮಾಣ ಜಾಸ್ತಿಯಾಗಿದೆ. ಪ್ರತಿ ವರ್ಷ 25 ಸಾವಿರಕ್ಕೂ ಹೆಚ್ಚು ಸೈಬರ್ ಅಪರಾಧ ಪ್ರಕರಣಗಳು ವರದಿಯಾಗುತ್ತಿವೆ ಎಂದರು. ಈ ಪ್ರಕರಣಗಳನ್ನು ಬೇಧಿಸಲು ಪೊಲೀಸ್ ಇಲಾಖೆ ಅಗತ್ಯ ಕ್ರಮ ಕೈಗೊಂಡಿದೆ. ಸೈಬರ್ ಕ್ರೈಂ ನಿಯಂತ್ರಿಸಲು ಪೊಲೀಸ್ ಇಲಾಖೆಗೆ ತಾಂತ್ರಿಕ ತರಬೇತಿ ನೀಡಲಾಗುತ್ತಿದೆ ಎಂದರು. ದೆಹಲಿ ಸ್ಫೋಟಕ್ಕೆ ಸಂಬಂಧಿಸಿದಂತೆ ಎನ್‌ಐಎ ತನಿಖೆ ನಡೆಸುತ್ತಿದೆ. ರಾಜ್ಯದಲ್ಲಿ ಯಾವುದೇ ಅಹಿತಕರ ಘಟನೆಗಳು ನಡೆಯದಂತೆ ಕಟ್ಟೆಚ್ಚರ ವಹಿಸಲಾಗಿದೆ. ಎಲ್ಲಾ ಜಿಲ್ಲೆಗಳಲ್ಲೂ ಭದ್ರತೆ ಹೆಚ್ಚಿಸಲಾಗಿದೆ. ಸಾರ್ವಜನಿಕರು ಅನುಮಾನಾಸ್ಪದ ವ್ಯಕ್ತಿಗಳು ಅಥವಾ ವಸ್ತುಗಳು ಕಂಡುಬಂದಲ್ಲಿ ತಕ್ಷಣ ಪೊಲೀಸರಿಗೆ ಮಾಹಿತಿ ನೀಡಬೇಕು. ಪೊಲೀಸ್ ಇಲಾಖೆಯಲ್ಲಿ ಖಾಲಿ ಇರುವ ಹುದ್ದೆಗಳ ಭರ್ತಿ ಪ್ರಕ್ರಿಯೆ ನಡೆಯುತ್ತಿದೆ. ಶೀಘ್ರದಲ್ಲೇ ಸಾವಿರಾರು ಕಾನ್ಸ್‌ಟೇಬಲ್ ಹುದ್ದೆಗಳ ನೇಮಕಾತಿ ನಡೆಸಲಾಗುವುದು ಎಂದರು. ಪೊಲೀಸರಿಗೆ ವಸತಿ ಸೌಲಭ್ಯ ಕಲ್ಪಿಸಲು ರಾಜ್ಯ ಸರ್ಕಾರ ಯೋಜನೆ ರೂಪಿಸಿದೆ. ಪೊಲೀಸ್ ಗೃಹ 2025 ಯೋಜನೆಯಡಿ ಮನೆಗಳ ನಿರ್ಮಾಣ ಕಾರ್ಯ ಪ್ರಗತಿಯಲ್ಲಿದೆ ಎಂದು ಅವರು ತಿಳಿಸಿದರು.
Edited, Printed and Published by B.T. Amuthan on behalf of M/s Karnataka News Publications (P) Ltd., Printed at No. 12-3-221 Rajendra Gunj (apmc)Near Old SBI Bank Building , Raichur-584102. RNI No. KARKAN/2008/26484 Postal Regd No. 52/2012-2014
